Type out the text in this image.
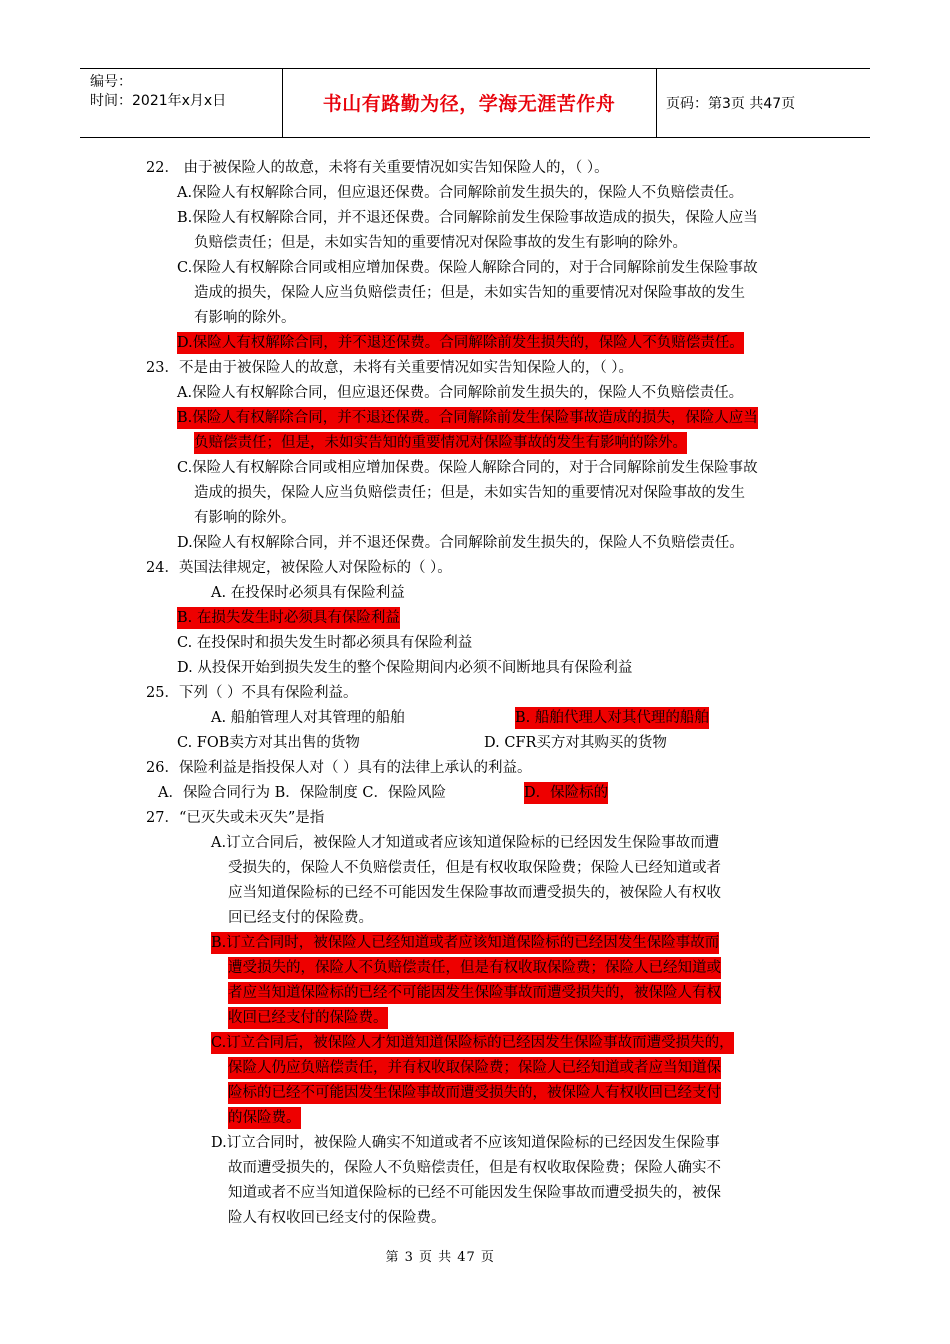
编号：
时间：2021年x月x日	书山有路勤为径，学海无涯苦作舟	页码：第3页 共47页
22． 由于被保险人的故意，未将有关重要情况如实告知保险人的，（ ）。
A.保险人有权解除合同，但应退还保费。合同解除前发生损失的，保险人不负赔偿责任。
B.保险人有权解除合同，并不退还保费。合同解除前发生保险事故造成的损失，保险人应当
负赔偿责任；但是，未如实告知的重要情况对保险事故的发生有影响的除外。
C.保险人有权解除合同或相应增加保费。保险人解除合同的，对于合同解除前发生保险事故
造成的损失，保险人应当负赔偿责任；但是，未如实告知的重要情况对保险事故的发生
有影响的除外。
D.保险人有权解除合同，并不退还保费。合同解除前发生损失的，保险人不负赔偿责任。
23．不是由于被保险人的故意，未将有关重要情况如实告知保险人的，（ ）。
A.保险人有权解除合同，但应退还保费。合同解除前发生损失的，保险人不负赔偿责任。
B.保险人有权解除合同，并不退还保费。合同解除前发生保险事故造成的损失，保险人应当
负赔偿责任；但是，未如实告知的重要情况对保险事故的发生有影响的除外。
C.保险人有权解除合同或相应增加保费。保险人解除合同的，对于合同解除前发生保险事故
造成的损失，保险人应当负赔偿责任；但是，未如实告知的重要情况对保险事故的发生
有影响的除外。
D.保险人有权解除合同，并不退还保费。合同解除前发生损失的，保险人不负赔偿责任。
24．英国法律规定，被保险人对保险标的（ ）。
A. 在投保时必须具有保险利益
B. 在损失发生时必须具有保险利益
C. 在投保时和损失发生时都必须具有保险利益
D. 从投保开始到损失发生的整个保险期间内必须不间断地具有保险利益
25．下列（ ）不具有保险利益。
A. 船舶管理人对其管理的船舶	B. 船舶代理人对其代理的船舶
C. FOB卖方对其出售的货物	D. CFR买方对其购买的货物
26．保险利益是指投保人对（ ）具有的法律上承认的利益。
A．保险合同行为 B．保险制度 C．保险风险	D．保险标的
27．“已灭失或未灭失”是指
A.订立合同后，被保险人才知道或者应该知道保险标的已经因发生保险事故而遭
受损失的，保险人不负赔偿责任，但是有权收取保险费；保险人已经知道或者
应当知道保险标的已经不可能因发生保险事故而遭受损失的，被保险人有权收
回已经支付的保险费。
B.订立合同时，被保险人已经知道或者应该知道保险标的已经因发生保险事故而
遭受损失的，保险人不负赔偿责任，但是有权收取保险费；保险人已经知道或
者应当知道保险标的已经不可能因发生保险事故而遭受损失的，被保险人有权
收回已经支付的保险费。
C.订立合同后，被保险人才知道知道保险标的已经因发生保险事故而遭受损失的，
保险人仍应负赔偿责任，并有权收取保险费；保险人已经知道或者应当知道保
险标的已经不可能因发生保险事故而遭受损失的，被保险人有权收回已经支付
的保险费。
D.订立合同时，被保险人确实不知道或者不应该知道保险标的已经因发生保险事
故而遭受损失的，保险人不负赔偿责任，但是有权收取保险费；保险人确实不
知道或者不应当知道保险标的已经不可能因发生保险事故而遭受损失的，被保
险人有权收回已经支付的保险费。
第 3 页 共 47 页
